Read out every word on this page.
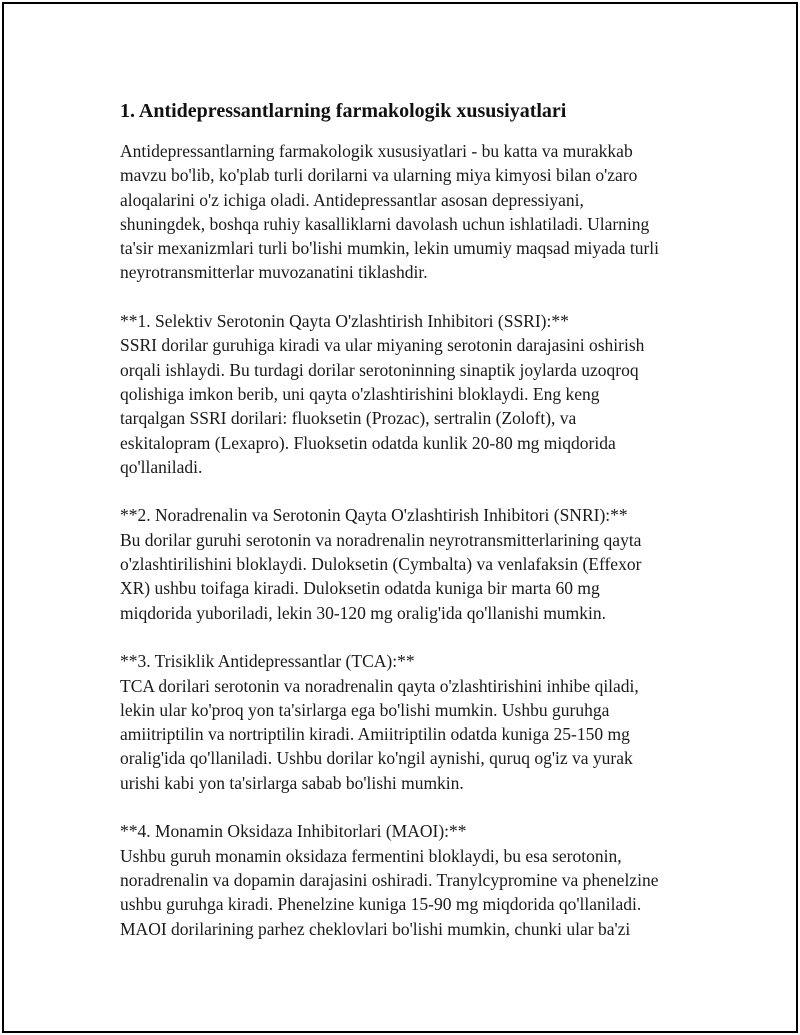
1. Antidepressantlarning farmakologik xususiyatlari

Antidepressantlarning farmakologik xususiyatlari - bu katta va murakkab
mavzu bo'lib, ko'plab turli dorilarni va ularning miya kimyosi bilan o'zaro
aloqalarini o'z ichiga oladi. Antidepressantlar asosan depressiyani,
shuningdek, boshqa ruhiy kasalliklarni davolash uchun ishlatiladi. Ularning
ta'sir mexanizmlari turli bo'lishi mumkin, lekin umumiy maqsad miyada turli
neyrotransmitterlar muvozanatini tiklashdir.

**1. Selektiv Serotonin Qayta O'zlashtirish Inhibitori (SSRI):**

SSRI dorilar guruhiga kiradi va ular miyaning serotonin darajasini oshirish
orqali ishlaydi. Bu turdagi dorilar serotoninning sinaptik joylarda uzoqroq
qolishiga imkon berib, uni qayta o'zlashtirishini bloklaydi. Eng keng
tarqalgan SSRI dorilari: fluoksetin (Prozac), sertralin (Zoloft), va
eskitalopram (Lexapro). Fluoksetin odatda kunlik 20-80 mg miqdorida
qo'llaniladi.

**2. Noradrenalin va Serotonin Qayta O'zlashtirish Inhibitori (SNRI):**

Bu dorilar guruhi serotonin va noradrenalin neyrotransmitterlarining qayta
o'zlashtirilishini bloklaydi. Duloksetin (Cymbalta) va venlafaksin (Effexor
XR) ushbu toifaga kiradi. Duloksetin odatda kuniga bir marta 60 mg
miqdorida yuboriladi, lekin 30-120 mg oralig'ida qo'llanishi mumkin.

**3. Trisiklik Antidepressantlar (TCA):**

TCA dorilari serotonin va noradrenalin qayta o'zlashtirishini inhibe qiladi,
lekin ular ko'proq yon ta'sirlarga ega bo'lishi mumkin. Ushbu guruhga
amiitriptilin va nortriptilin kiradi. Amiitriptilin odatda kuniga 25-150 mg
oralig'ida qo'llaniladi. Ushbu dorilar ko'ngil aynishi, quruq og'iz va yurak
urishi kabi yon ta'sirlarga sabab bo'lishi mumkin.

**4. Monamin Oksidaza Inhibitorlari (MAOI):**

Ushbu guruh monamin oksidaza fermentini bloklaydi, bu esa serotonin,
noradrenalin va dopamin darajasini oshiradi. Tranylcypromine va phenelzine
ushbu guruhga kiradi. Phenelzine kuniga 15-90 mg miqdorida qo'llaniladi.
MAOI dorilarining parhez cheklovlari bo'lishi mumkin, chunki ular ba'zi
